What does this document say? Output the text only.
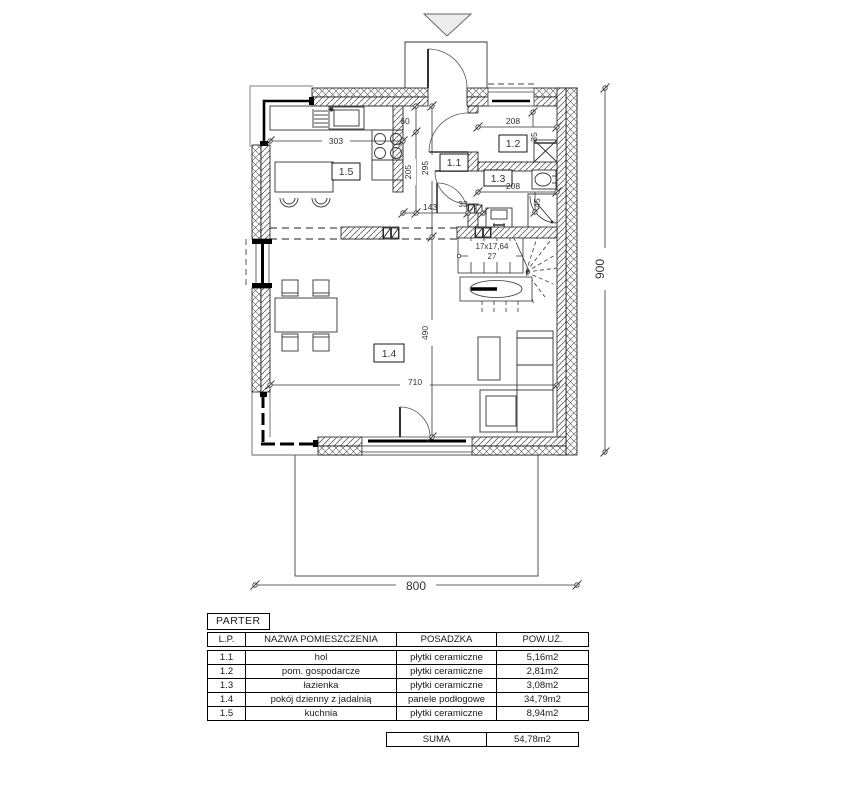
17x17,64
27
1.1
1.2
1.3
1.4
1.5
303
60
205 295
490
710
143 33
208
35
208
45
900
800
PARTER
L.P.	NAZWA POMIESZCZENIA	POSADZKA	POW.UŻ.
1.1	hol	płytki ceramiczne	5,16m2
1.2	pom. gospodarcze	płytki ceramiczne	2,81m2
1.3	łazienka	płytki ceramiczne	3,08m2
1.4	pokój dzienny z jadalnią	panele podłogowe	34,79m2
1.5	kuchnia	płytki ceramiczne	8,94m2
SUMA	54,78m2
